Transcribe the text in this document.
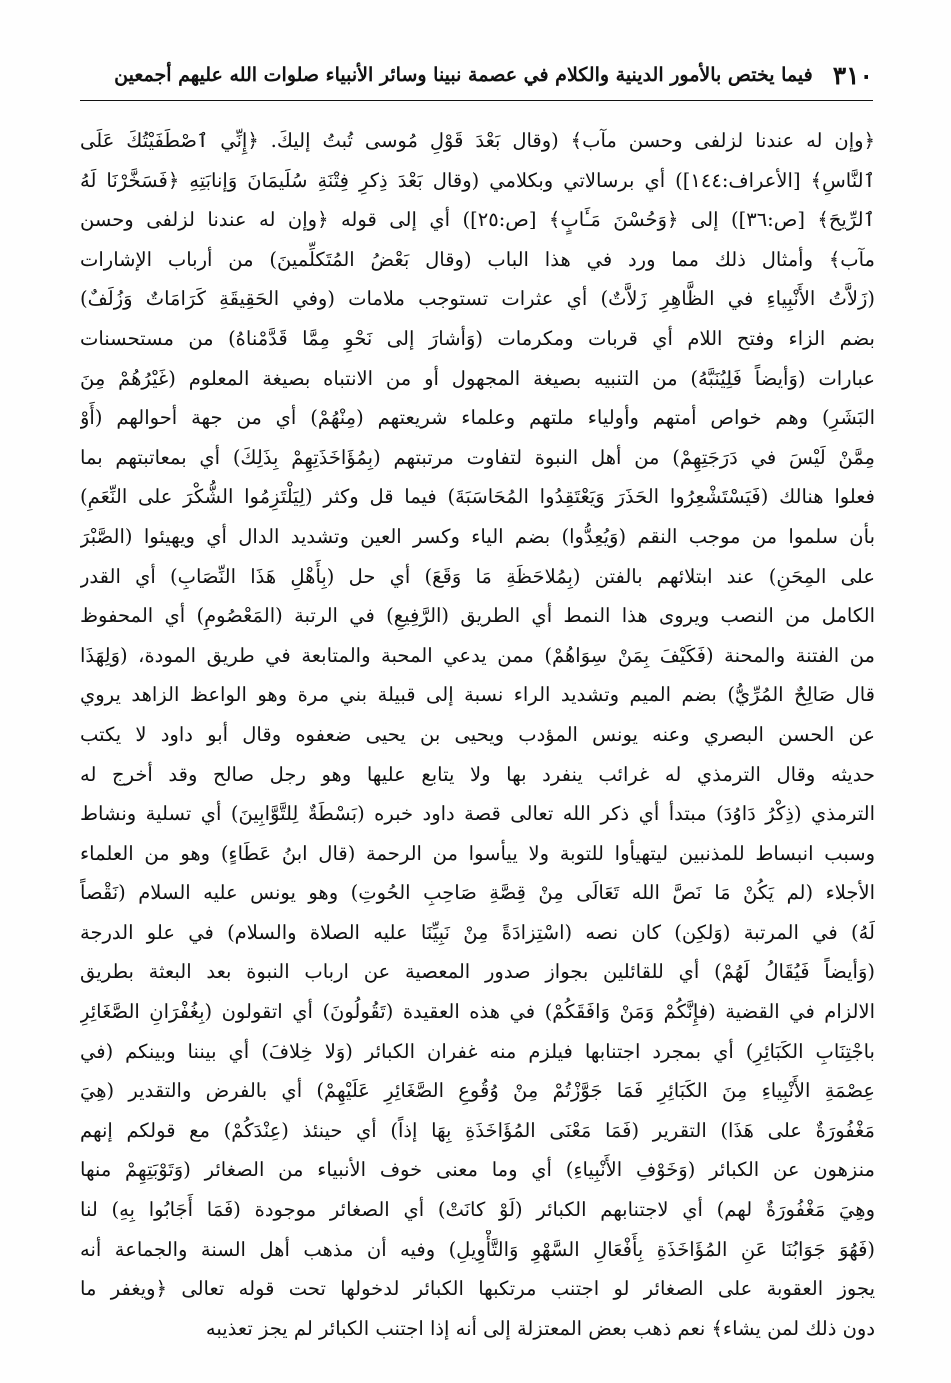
٣١٠
فيما يختص بالأمور الدينية والكلام في عصمة نبينا وسائر الأنبياء صلوات الله عليهم أجمعين
﴿وإن له عندنا لزلفى وحسن مآب﴾ (وقال بَعْدَ قَوْلِ مُوسى تُبتُ إليكَ. ﴿إِنِّي ٱصْطَفَيْتُكَ عَلَى
ٱلنَّاسِ﴾ [الأعراف:١٤٤]) أي برسالاتي وبكلامي (وقال بَعْدَ ذِكرِ فِتْنَةِ سُلَيمَانَ وَإنابَتِهِ ﴿فَسَخَّرْنَا لَهُ
ٱلرِّيحَ﴾ [ص:٣٦]) إلى ﴿وَحُسْنَ مَـَٔابٍ﴾ [ص:٢٥]) أي إلى قوله ﴿وإن له عندنا لزلفى وحسن
مآب﴾ وأمثال ذلك مما ورد في هذا الباب (وقال بَعْضُ المُتَكلِّمينَ) من أرباب الإشارات
(زَلاَّتُ الأَنْبِياءِ في الظَّاهِرِ زَلاَّتٌ) أي عثرات تستوجب ملامات (وفي الحَقِيقَةِ كَرَامَاتٌ وَزُلَفٌ)
بضم الزاء وفتح اللام أي قربات ومكرمات (وَأشارَ إلى نَحْوِ مِمَّا قَدَّمْناهُ) من مستحسنات
عبارات (وَأيضاً فَلِيُنَبَّهُ) من التنبيه بصيغة المجهول أو من الانتباه بصيغة المعلوم (غَيْرُهُمْ مِنَ
البَشَرِ) وهم خواص أمتهم وأولياء ملتهم وعلماء شريعتهم (مِنْهُمْ) أي من جهة أحوالهم (أَوْ
مِمَّنْ لَيْسَ في دَرَجَتِهِمْ) من أهل النبوة لتفاوت مرتبتهم (بِمُؤَاخَذَتِهِمْ بِذَلِكَ) أي بمعاتبتهم بما
فعلوا هنالك (فَيَسْتَشْعِرُوا الحَذَرَ وَيَعْتَقِدُوا المُحَاسَبَةَ) فيما قل وكثر (لِيَلْتَزِمُوا الشُّكْرَ على النِّعَمِ)
بأن سلموا من موجب النقم (وَيُعِدُّوا) بضم الياء وكسر العين وتشديد الدال أي ويهيئوا (الصَّبْرَ
على المِحَنِ) عند ابتلائهم بالفتن (بِمُلاحَظَةِ مَا وَقَعَ) أي حل (بِأَهْلِ هَذَا النِّصَابِ) أي القدر
الكامل من النصب ويروى هذا النمط أي الطريق (الرَّفِيعِ) في الرتبة (المَعْصُومِ) أي المحفوظ
من الفتنة والمحنة (فَكَيْفَ بِمَنْ سِوَاهُمْ) ممن يدعي المحبة والمتابعة في طريق المودة، (وَلِهَذَا
قال صَالِحٌ المُرِّيُّ) بضم الميم وتشديد الراء نسبة إلى قبيلة بني مرة وهو الواعظ الزاهد يروي
عن الحسن البصري وعنه يونس المؤدب ويحيى بن يحيى ضعفوه وقال أبو داود لا يكتب
حديثه وقال الترمذي له غرائب ينفرد بها ولا يتابع عليها وهو رجل صالح وقد أخرج له
الترمذي (ذِكْرُ دَاوُدَ) مبتدأ أي ذكر الله تعالى قصة داود خبره (بَسْطَةٌ لِلتَّوَّابِينَ) أي تسلية ونشاط
وسبب انبساط للمذنبين ليتهيأوا للتوبة ولا ييأسوا من الرحمة (قال ابنُ عَطَاءٍ) وهو من العلماء
الأجلاء (لم يَكُنْ مَا نَصَّ الله تَعَالَى مِنْ قِصَّةِ صَاحِبِ الحُوتِ) وهو يونس عليه السلام (نَقْصاً
لَهُ) في المرتبة (وَلكِن) كان نصه (اسْتِزادَةً مِنْ نَبِيِّنَا عليه الصلاة والسلام) في علو الدرجة
(وَأيضاً فَيُقَالُ لَهُمْ) أي للقائلين بجواز صدور المعصية عن ارباب النبوة بعد البعثة بطريق
الالزام في القضية (فإِنَّكُمْ وَمَنْ وَافَقَكُمْ) في هذه العقيدة (تَقُولُونَ) أي اتقولون (بِغُفْرَانِ الصَّغَائِرِ
باجْتِنَابِ الكَبَائِرِ) أي بمجرد اجتنابها فيلزم منه غفران الكبائر (وَلا خِلافَ) أي بيننا وبينكم (في
عِصْمَةِ الأَنْبِياءِ مِنَ الكَبَائِرِ فَمَا جَوَّزْتُمْ مِنْ وُقُوعِ الصَّغَائِرِ عَلَيْهِمْ) أي بالفرض والتقدير (هِيَ
مَغْفُورَةٌ على هَذَا) التقرير (فَمَا مَعْنَى المُؤَاخَذَةِ بِهَا إذاً) أي حينئذ (عِنْدَكُمْ) مع قولكم إنهم
منزهون عن الكبائر (وَخَوْفِ الأَنْبِياءِ) أي وما معنى خوف الأنبياء من الصغائر (وَتَوْبَتِهِمْ منها
وهِيَ مَغْفُورَةٌ لهم) أي لاجتنابهم الكبائر (لَوْ كانَتْ) أي الصغائر موجودة (فَمَا أَجَابُوا بِهِ) لنا
(فَهُوَ جَوَابُنَا عَنِ المُؤَاخَذَةِ بِأَفْعَالِ السَّهْوِ وَالتَّأْوِيلِ) وفيه أن مذهب أهل السنة والجماعة أنه
يجوز العقوبة على الصغائر لو اجتنب مرتكبها الكبائر لدخولها تحت قوله تعالى ﴿ويغفر ما
دون ذلك لمن يشاء﴾ نعم ذهب بعض المعتزلة إلى أنه إذا اجتنب الكبائر لم يجز تعذيبه
